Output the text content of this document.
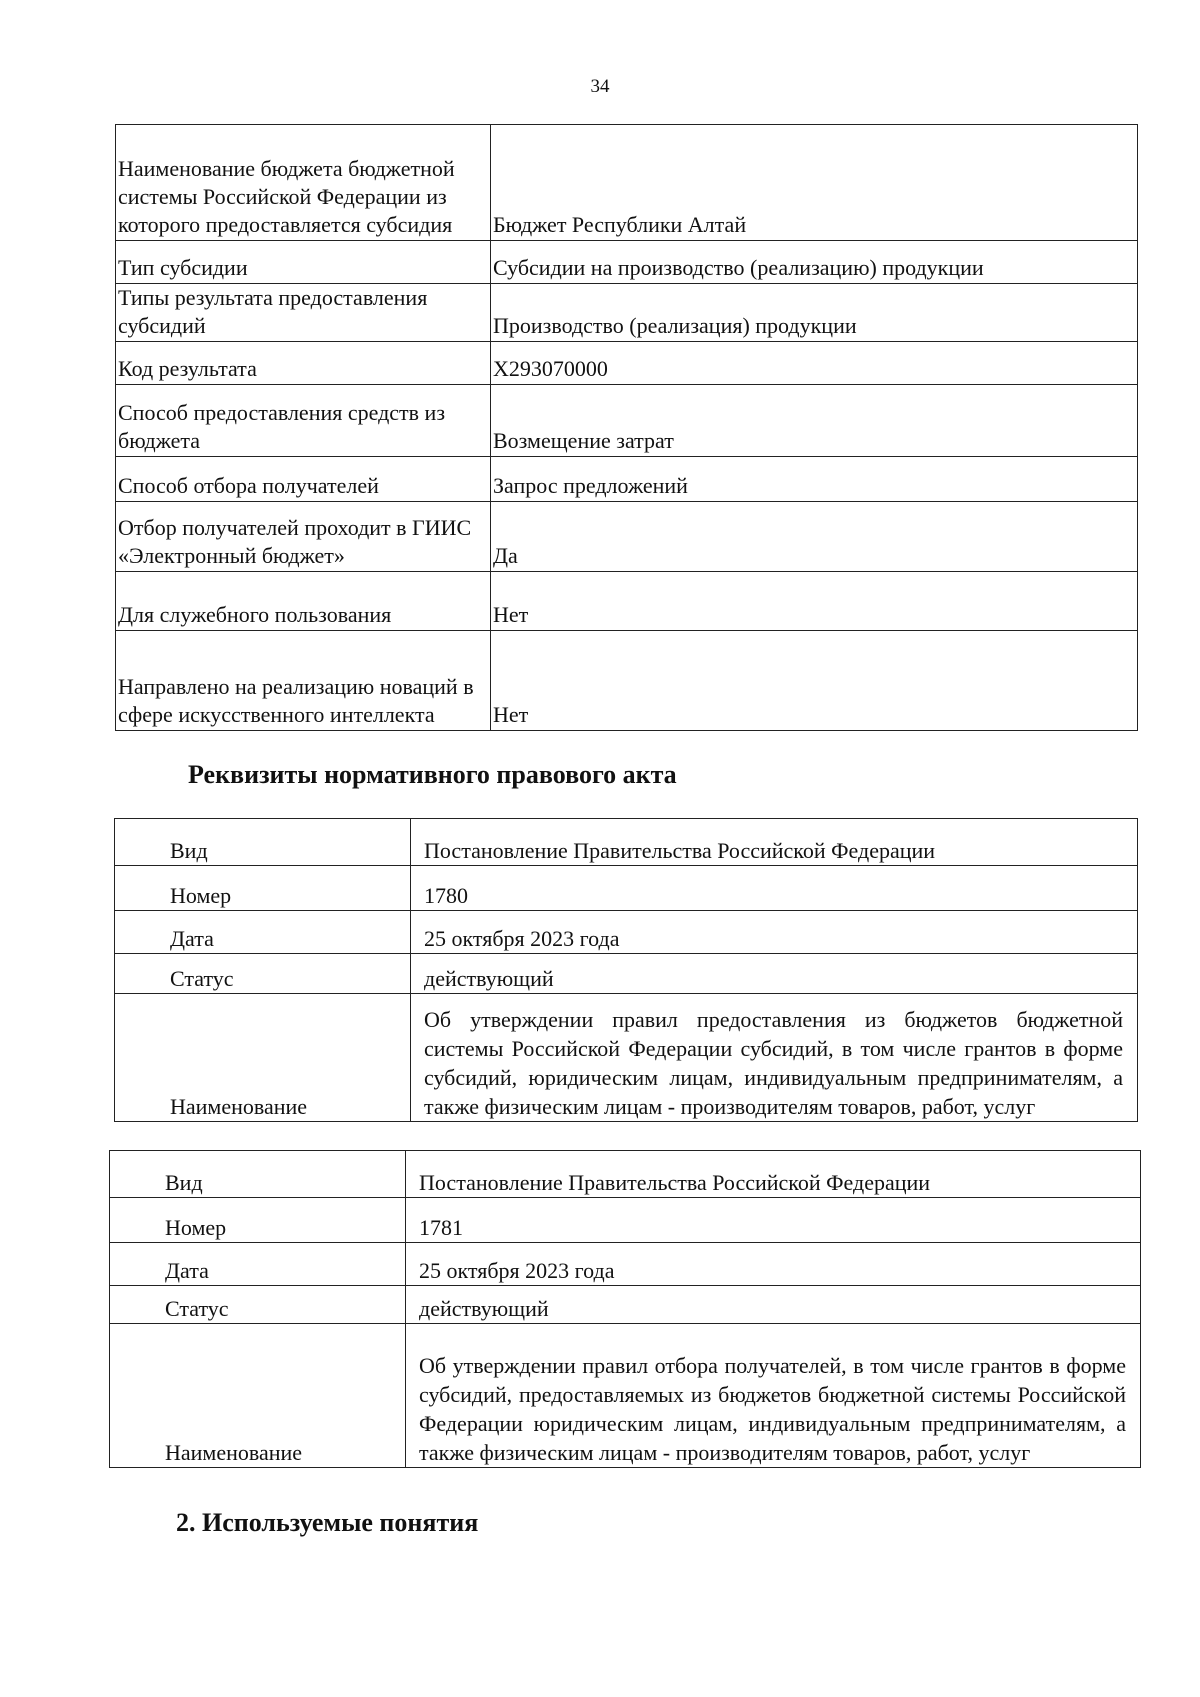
34
Наименование бюджета бюджетной системы Российской Федерации из которого предоставляется субсидия	Бюджет Республики Алтай
Тип субсидии	Субсидии на производство (реализацию) продукции
Типы результата предоставления субсидий	Производство (реализация) продукции
Код результата	X293070000
Способ предоставления средств из бюджета	Возмещение затрат
Способ отбора получателей	Запрос предложений
Отбор получателей проходит в ГИИС «Электронный бюджет»	Да
Для служебного пользования	Нет
Направлено на реализацию новаций в сфере искусственного интеллекта	Нет
Реквизиты нормативного правового акта
Вид	Постановление Правительства Российской Федерации
Номер	1780
Дата	25 октября 2023 года
Статус	действующий
Наименование	Об утверждении правил предоставления из бюджетов бюджетной системы Российской Федерации субсидий, в том числе грантов в форме субсидий, юридическим лицам, индивидуальным предпринимателям, а также физическим лицам - производителям товаров, работ, услуг
Вид	Постановление Правительства Российской Федерации
Номер	1781
Дата	25 октября 2023 года
Статус	действующий
Наименование	Об утверждении правил отбора получателей, в том числе грантов в форме субсидий, предоставляемых из бюджетов бюджетной системы Российской Федерации юридическим лицам, индивидуальным предпринимателям, а также физическим лицам - производителям товаров, работ, услуг
2. Используемые понятия
